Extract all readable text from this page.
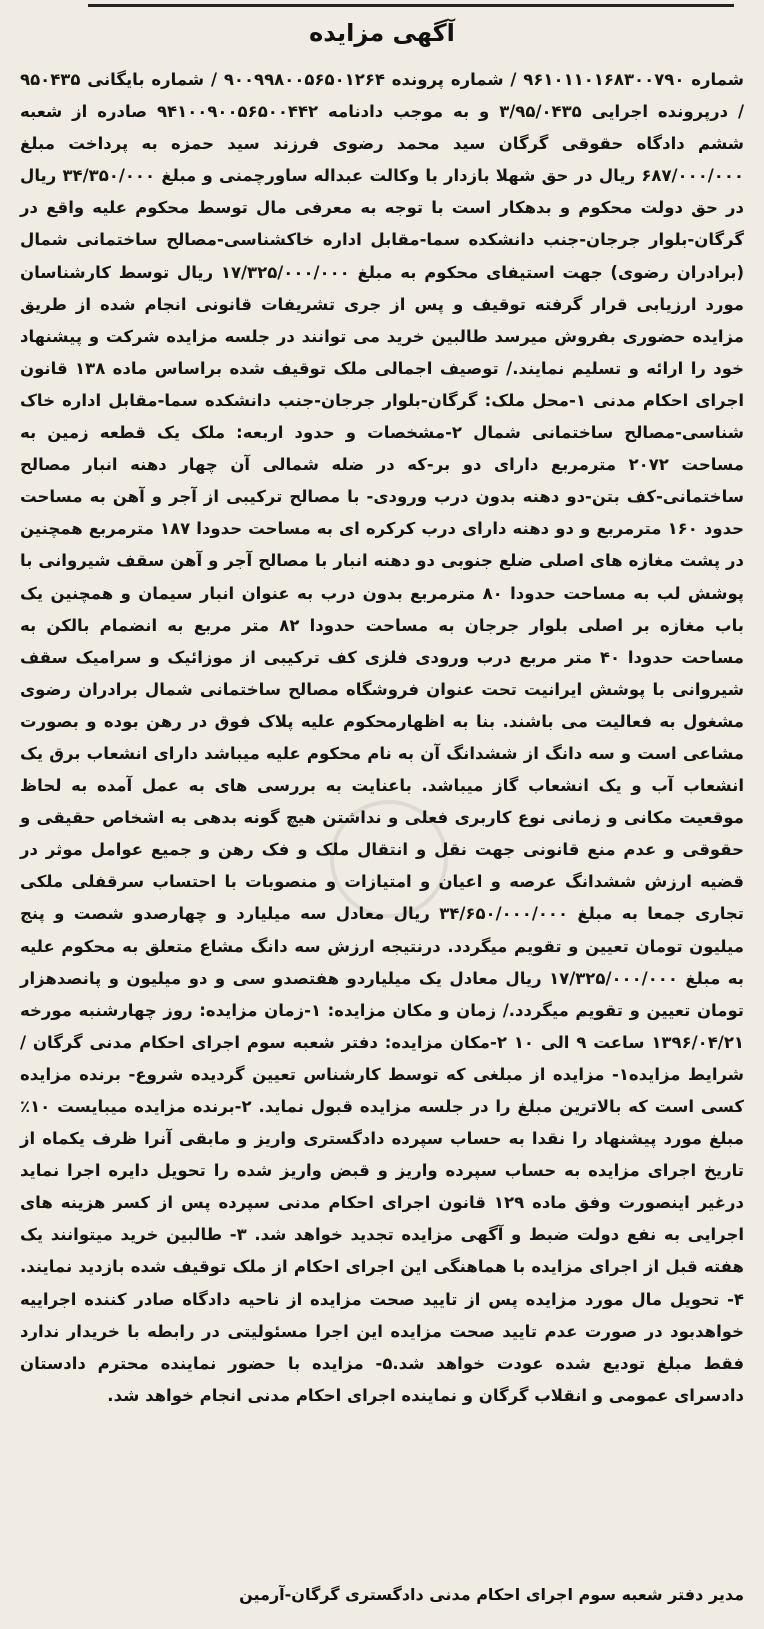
آگهی مزایده

شماره ۹۶۱۰۱۱۰۱۶۸۳۰۰۷۹۰ / شماره پرونده ۹۰۰۹۹۸۰۰۵۶۵۰۱۲۶۴ / شماره بایگانی ۹۵۰۴۳۵ / درپرونده اجرایی ۳/۹۵/۰۴۳۵ و به موجب دادنامه ۹۴۱۰۰۹۰۰۵۶۵۰۰۴۴۲ صادره از شعبه ششم دادگاه حقوقی گرگان سید محمد رضوی فرزند سید حمزه به پرداخت مبلغ ۶۸۷/۰۰۰/۰۰۰ ریال در حق شهلا بازدار با وکالت عبداله ساورچمنی و مبلغ ۳۴/۳۵۰/۰۰۰ ریال در حق دولت محکوم و بدهکار است با توجه به معرفی مال توسط محکوم علیه واقع در گرگان-بلوار جرجان-جنب دانشکده سما-مقابل اداره خاکشناسی-مصالح ساختمانی شمال (برادران رضوی) جهت استیفای محکوم به مبلغ ۱۷/۳۲۵/۰۰۰/۰۰۰ ریال توسط کارشناسان مورد ارزیابی قرار گرفته توقیف و پس از جری تشریفات قانونی انجام شده از طریق مزایده حضوری بفروش میرسد طالبین خرید می توانند در جلسه مزایده شرکت و پیشنهاد خود را ارائه و تسلیم نمایند./ توصیف اجمالی ملک توقیف شده براساس ماده ۱۳۸ قانون اجرای احکام مدنی ۱-محل ملک: گرگان-بلوار جرجان-جنب دانشکده سما-مقابل اداره خاک شناسی-مصالح ساختمانی شمال ۲-مشخصات و حدود اربعه: ملک یک قطعه زمین به مساحت ۲۰۷۲ مترمربع دارای دو بر-که در ضله شمالی آن چهار دهنه انبار مصالح ساختمانی-کف بتن-دو دهنه بدون درب ورودی- با مصالح ترکیبی از آجر و آهن به مساحت حدود ۱۶۰ مترمربع و دو دهنه دارای درب کرکره ای به مساحت حدودا ۱۸۷ مترمربع همچنین در پشت مغازه های اصلی ضلع جنوبی دو دهنه انبار با مصالح آجر و آهن سقف شیروانی با پوشش لب به مساحت حدودا ۸۰ مترمربع بدون درب به عنوان انبار سیمان و همچنین یک باب مغازه بر اصلی بلوار جرجان به مساحت حدودا ۸۲ متر مربع به انضمام بالکن به مساحت حدودا ۴۰ متر مربع درب ورودی فلزی کف ترکیبی از موزائیک و سرامیک سقف شیروانی با پوشش ایرانیت تحت عنوان فروشگاه مصالح ساختمانی شمال برادران رضوی مشغول به فعالیت می باشند. بنا به اظهارمحکوم علیه پلاک فوق در رهن بوده و بصورت مشاعی است و سه دانگ از ششدانگ آن به نام محکوم علیه میباشد دارای انشعاب برق یک انشعاب آب و یک انشعاب گاز میباشد. باعنایت به بررسی های به عمل آمده به لحاظ موقعیت مکانی و زمانی نوع کاربری فعلی و نداشتن هیچ گونه بدهی به اشخاص حقیقی و حقوقی و عدم منع قانونی جهت نقل و انتقال ملک و فک رهن و جمیع عوامل موثر در قضیه ارزش ششدانگ عرصه و اعیان و امتیازات و منصوبات با احتساب سرقفلی ملکی تجاری جمعا به مبلغ ۳۴/۶۵۰/۰۰۰/۰۰۰ ریال معادل سه میلیارد و چهارصدو شصت و پنج میلیون تومان تعیین و تقویم میگردد. درنتیجه ارزش سه دانگ مشاع متعلق به محکوم علیه به مبلغ ۱۷/۳۲۵/۰۰۰/۰۰۰ ریال معادل یک میلیاردو هفتصدو سی و دو میلیون و پانصدهزار تومان تعیین و تقویم میگردد./ زمان و مکان مزایده: ۱-زمان مزایده: روز چهارشنبه مورخه ۱۳۹۶/۰۴/۲۱ ساعت ۹ الی ۱۰ ۲-مکان مزایده: دفتر شعبه سوم اجرای احکام مدنی گرگان / شرایط مزایده۱- مزایده از مبلغی که توسط کارشناس تعیین گردیده شروع- برنده مزایده کسی است که بالاترین مبلغ را در جلسه مزایده قبول نماید. ۲-برنده مزایده میبایست ۱۰٪ مبلغ مورد پیشنهاد را نقدا به حساب سپرده دادگستری واریز و مابقی آنرا ظرف یکماه از تاریخ اجرای مزایده به حساب سپرده واریز و قبض واریز شده را تحویل دایره اجرا نماید درغیر اینصورت وفق ماده ۱۲۹ قانون اجرای احکام مدنی سپرده پس از کسر هزینه های اجرایی به نفع دولت ضبط و آگهی مزایده تجدید خواهد شد. ۳- طالبین خرید میتوانند یک هفته قبل از اجرای مزایده با هماهنگی این اجرای احکام از ملک توقیف شده بازدید نمایند. ۴- تحویل مال مورد مزایده پس از تایید صحت مزایده از ناحیه دادگاه صادر کننده اجراییه خواهدبود در صورت عدم تایید صحت مزایده این اجرا مسئولیتی در رابطه با خریدار ندارد فقط مبلغ تودیع شده عودت خواهد شد.۵- مزایده با حضور نماینده محترم دادستان دادسرای عمومی و انقلاب گرگان و نماینده اجرای احکام مدنی انجام خواهد شد.

مدیر دفتر شعبه سوم اجرای احکام مدنی دادگستری گرگان-آرمین
